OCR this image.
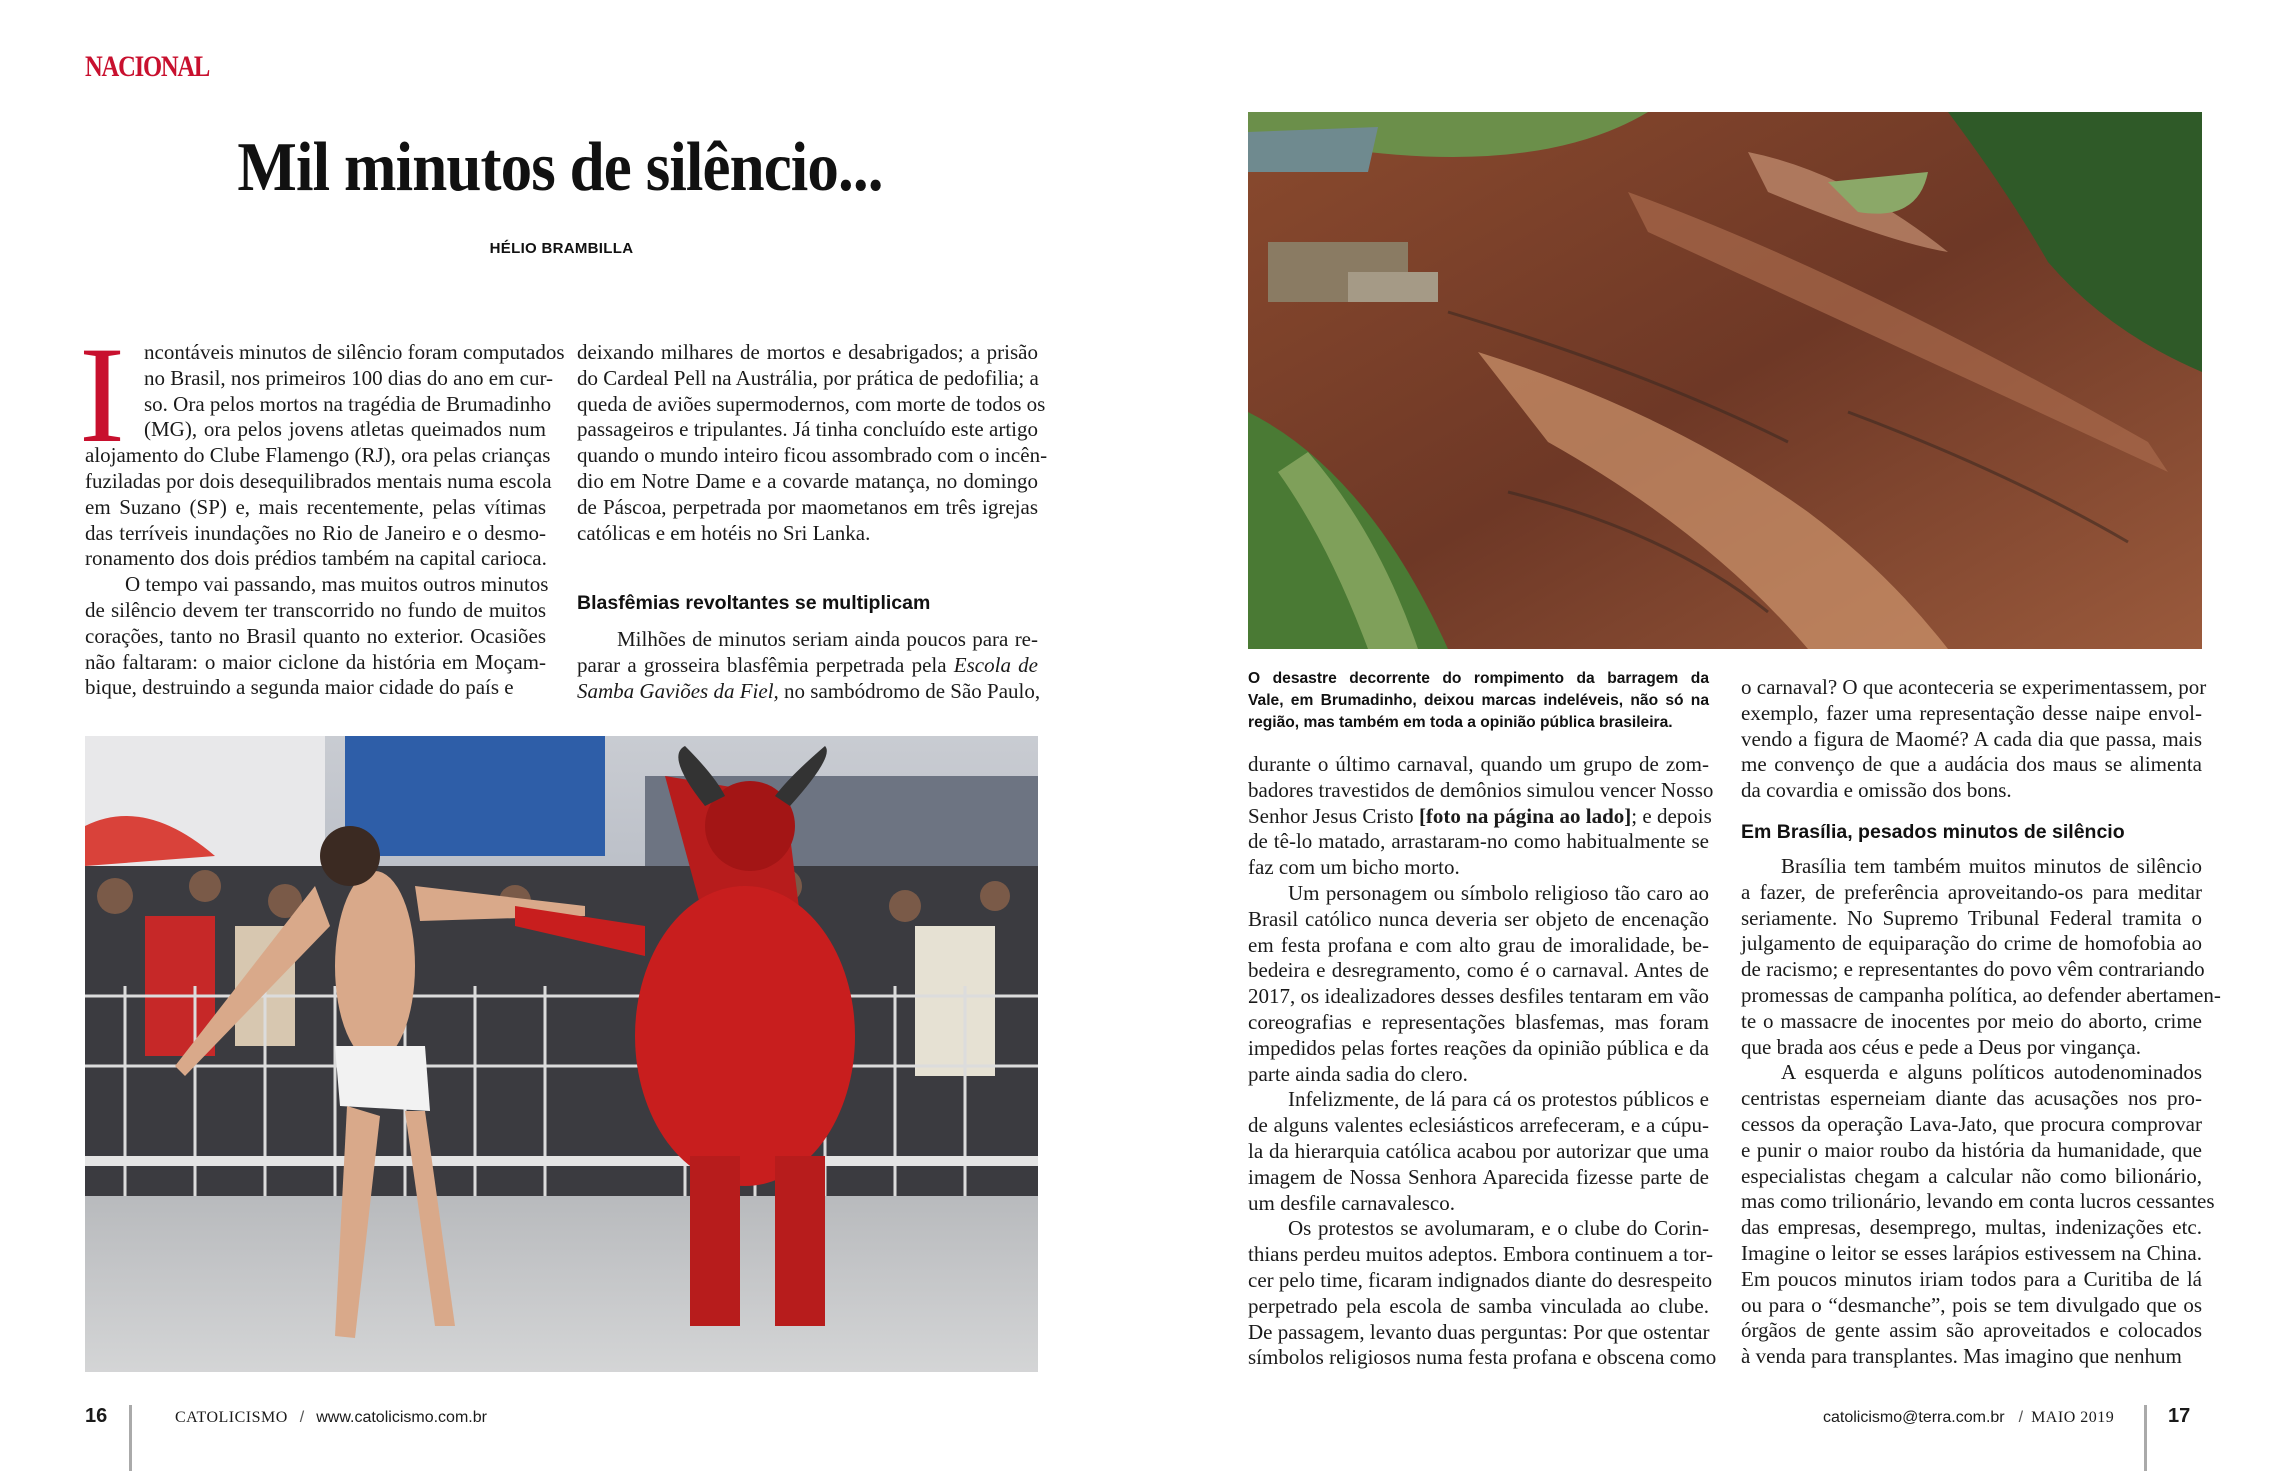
NACIONAL
Mil minutos de silêncio...
HÉLIO BRAMBILLA
I ncontáveis minutos de silêncio foram computados
no Brasil, nos primeiros 100 dias do ano em cur-
so. Ora pelos mortos na tragédia de Brumadinho
(MG), ora pelos jovens atletas queimados num
alojamento do Clube Flamengo (RJ), ora pelas crianças
fuziladas por dois desequilibrados mentais numa escola
em Suzano (SP) e, mais recentemente, pelas vítimas
das terríveis inundações no Rio de Janeiro e o desmo-
ronamento dos dois prédios também na capital carioca.
O tempo vai passando, mas muitos outros minutos
de silêncio devem ter transcorrido no fundo de muitos
corações, tanto no Brasil quanto no exterior. Ocasiões
não faltaram: o maior ciclone da história em Moçam-
bique, destruindo a segunda maior cidade do país e
deixando milhares de mortos e desabrigados; a prisão
do Cardeal Pell na Austrália, por prática de pedofilia; a
queda de aviões supermodernos, com morte de todos os
passageiros e tripulantes. Já tinha concluído este artigo
quando o mundo inteiro ficou assombrado com o incên-
dio em Notre Dame e a covarde matança, no domingo
de Páscoa, perpetrada por maometanos em três igrejas
católicas e em hotéis no Sri Lanka.
Blasfêmias revoltantes se multiplicam
Milhões de minutos seriam ainda poucos para re-
parar a grosseira blasfêmia perpetrada pela Escola de
Samba Gaviões da Fiel, no sambódromo de São Paulo,
16	CATOLICISMO / www.catolicismo.com.br
O desastre decorrente do rompimento da barragem da
Vale, em Brumadinho, deixou marcas indeléveis, não só na
região, mas também em toda a opinião pública brasileira.
durante o último carnaval, quando um grupo de zom-
badores travestidos de demônios simulou vencer Nosso
Senhor Jesus Cristo [foto na página ao lado]; e depois
de tê-lo matado, arrastaram-no como habitualmente se
faz com um bicho morto.
Um personagem ou símbolo religioso tão caro ao
Brasil católico nunca deveria ser objeto de encenação
em festa profana e com alto grau de imoralidade, be-
bedeira e desregramento, como é o carnaval. Antes de
2017, os idealizadores desses desfiles tentaram em vão
coreografias e representações blasfemas, mas foram
impedidos pelas fortes reações da opinião pública e da
parte ainda sadia do clero.
Infelizmente, de lá para cá os protestos públicos e
de alguns valentes eclesiásticos arrefeceram, e a cúpu-
la da hierarquia católica acabou por autorizar que uma
imagem de Nossa Senhora Aparecida fizesse parte de
um desfile carnavalesco.
Os protestos se avolumaram, e o clube do Corin-
thians perdeu muitos adeptos. Embora continuem a tor-
cer pelo time, ficaram indignados diante do desrespeito
perpetrado pela escola de samba vinculada ao clube.
De passagem, levanto duas perguntas: Por que ostentar
símbolos religiosos numa festa profana e obscena como
o carnaval? O que aconteceria se experimentassem, por
exemplo, fazer uma representação desse naipe envol-
vendo a figura de Maomé? A cada dia que passa, mais
me convenço de que a audácia dos maus se alimenta
da covardia e omissão dos bons.
Em Brasília, pesados minutos de silêncio
Brasília tem também muitos minutos de silêncio
a fazer, de preferência aproveitando-os para meditar
seriamente. No Supremo Tribunal Federal tramita o
julgamento de equiparação do crime de homofobia ao
de racismo; e representantes do povo vêm contrariando
promessas de campanha política, ao defender abertamen-
te o massacre de inocentes por meio do aborto, crime
que brada aos céus e pede a Deus por vingança.
A esquerda e alguns políticos autodenominados
centristas esperneiam diante das acusações nos pro-
cessos da operação Lava-Jato, que procura comprovar
e punir o maior roubo da história da humanidade, que
especialistas chegam a calcular não como bilionário,
mas como trilionário, levando em conta lucros cessantes
das empresas, desemprego, multas, indenizações etc.
Imagine o leitor se esses larápios estivessem na China.
Em poucos minutos iriam todos para a Curitiba de lá
ou para o “desmanche”, pois se tem divulgado que os
órgãos de gente assim são aproveitados e colocados
à venda para transplantes. Mas imagino que nenhum
catolicismo@terra.com.br / MAIO 2019	17
